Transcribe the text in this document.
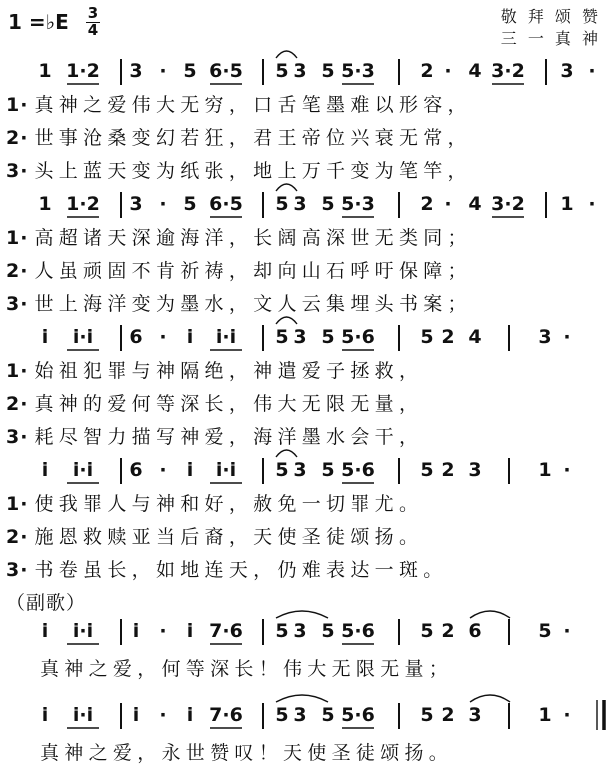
1 =♭E 3
4
敬 拜 颂 赞
三 一 真 神
1 1·2 3 · 5 6·5 5 3 5 5·3 2 · 4 3·2 3 ·
1· 真神之爱伟大无穷，口舌笔墨难以形容，
2· 世事沧桑变幻若狂，君王帝位兴衰无常，
3· 头上蓝天变为纸张，地上万千变为笔竿，
1 1·2 3 · 5 6·5 5 3 5 5·3 2 · 4 3·2 1 ·
1· 高超诸天深逾海洋，长阔高深世无类同；
2· 人虽顽固不肯祈祷，却向山石呼吁保障；
3· 世上海洋变为墨水，文人云集埋头书案；
i i·i 6 · i i·i 5 3 5 5·6 5 2 4	3 ·
1· 始祖犯罪与神隔绝，神遣爱子拯救，
2· 真神的爱何等深长，伟大无限无量，
3· 耗尽智力描写神爱，海洋墨水会干，
i i·i 6 · i i·i 5 3 5 5·6 5 2 3	1 ·
1· 使我罪人与神和好，赦免一切罪尤。
2· 施恩救赎亚当后裔，天使圣徒颂扬。
3· 书卷虽长，如地连天，仍难表达一斑。
（副歌）
i i·i i · i 7·6 5 3 5 5·6 5 2 6	5 ·
真神之爱，何等深长！伟大无限无量；
i i·i i · i 7·6 5 3 5 5·6 5 2 3	1 ·
真神之爱，永世赞叹！天使圣徒颂扬。
